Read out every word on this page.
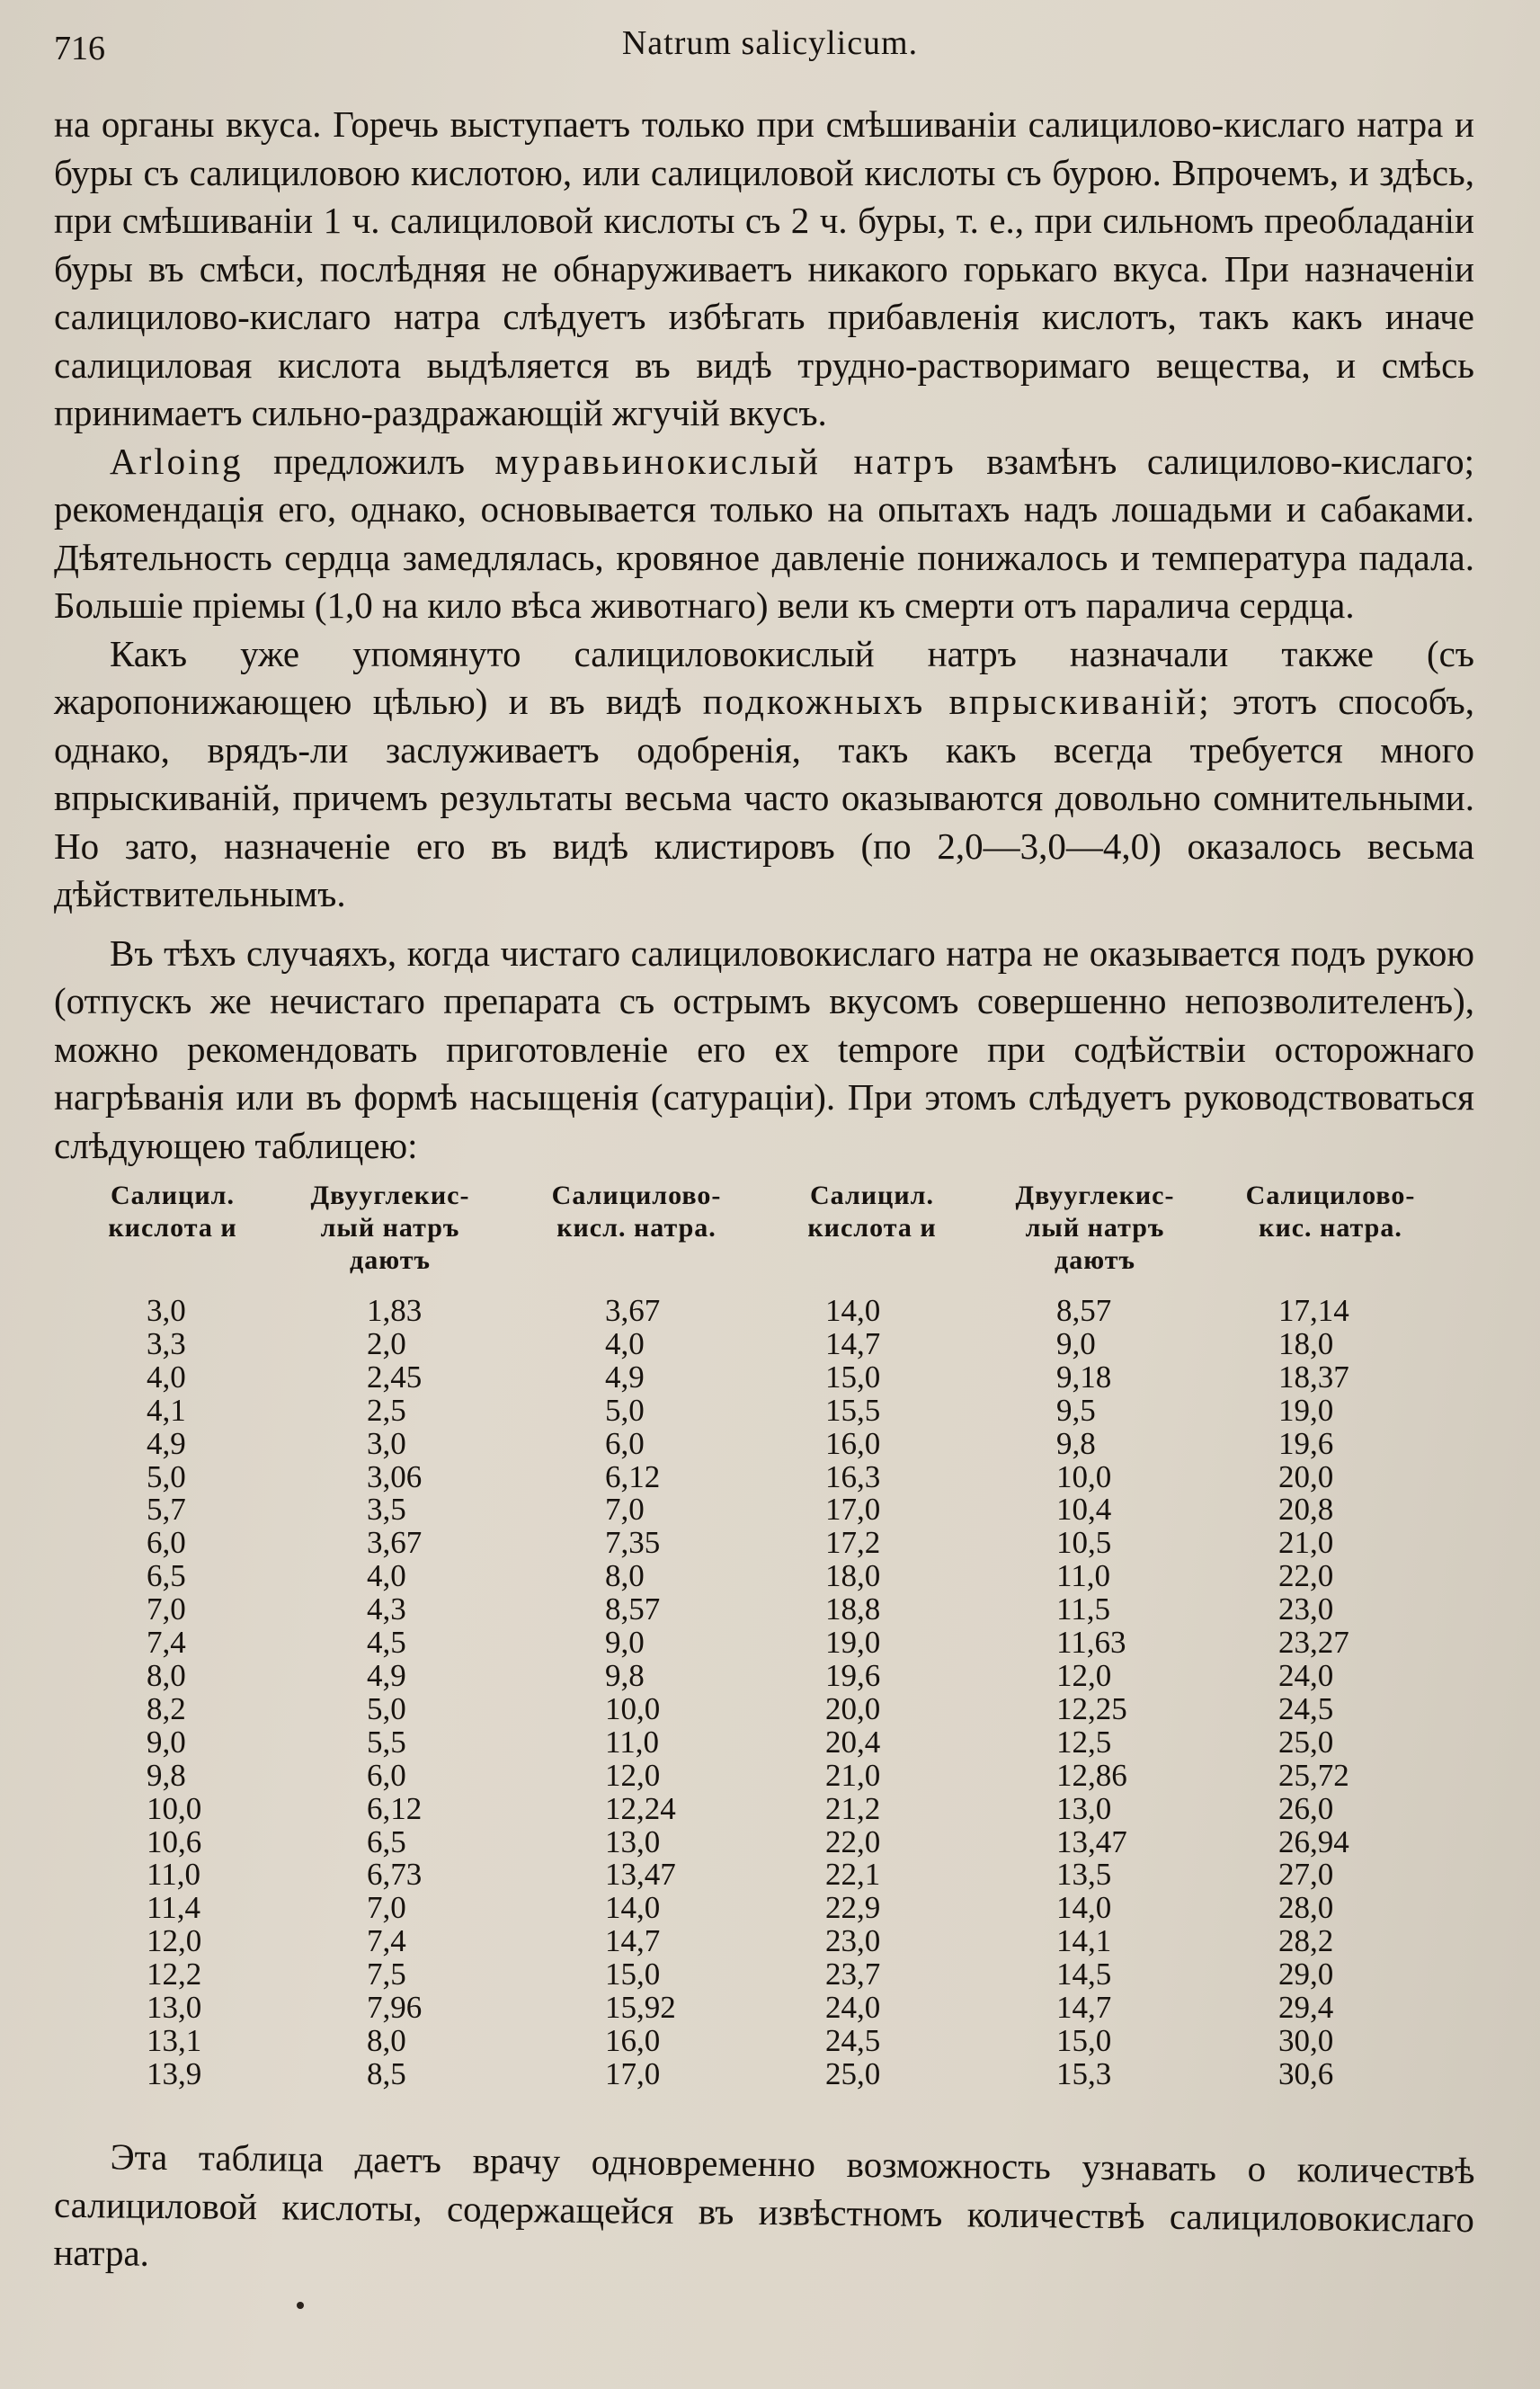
716	Natrum salicylicum.

на органы вкуса. Горечь выступаетъ только при смѣшиванiи салицилово-кислаго натра и буры съ салициловою кислотою, или салициловой кислоты съ бурою. Впрочемъ, и здѣсь, при смѣшиванiи 1 ч. салициловой кислоты съ 2 ч. буры, т. е., при сильномъ преобладанiи буры въ смѣси, послѣдняя не обнаруживаетъ никакого горькаго вкуса. При назначенiи салицилово-кислаго натра слѣдуетъ избѣгать прибавленiя кислотъ, такъ какъ иначе салициловая кислота выдѣляется въ видѣ трудно-растворимаго вещества, и смѣсь принимаетъ сильно-раздражающiй жгучiй вкусъ.

Arloing предложилъ муравьинокислый натръ взамѣнъ салицилово-кислаго; рекомендацiя его, однако, основывается только на опытахъ надъ лошадьми и сабаками. Дѣятельность сердца замедлялась, кровяное давленiе понижалось и температура падала. Большiе прiемы (1,0 на кило вѣса животнаго) вели къ смерти отъ паралича сердца.

Какъ уже упомянуто салициловокислый натръ назначали также (съ жаропонижающею цѣлью) и въ видѣ подкожныхъ впрыскиванiй; этотъ способъ, однако, врядъ-ли заслуживаетъ одобренiя, такъ какъ всегда требуется много впрыскиванiй, причемъ результаты весьма часто оказываются довольно сомнительными. Но зато, назначенiе его въ видѣ клистировъ (по 2,0—3,0—4,0) оказалось весьма дѣйствительнымъ.

Въ тѣхъ случаяхъ, когда чистаго салициловокислаго натра не оказывается подъ рукою (отпускъ же нечистаго препарата съ острымъ вкусомъ совершенно непозволителенъ), можно рекомендовать приготовленiе его ex tempore при содѣйствiи осторожнаго нагрѣванiя или въ формѣ насыщенiя (сатурацiи). При этомъ слѣдуетъ руководствоваться слѣдующею таблицею:

Салицил.
кислота и
Двууглекис-
лый натръ
даютъ
Салицилово-
кисл. натра.
3,0
3,3
4,0
4,1
4,9
5,0
5,7
6,0
6,5
7,0
7,4
8,0
8,2
9,0
9,8
10,0
10,6
11,0
11,4
12,0
12,2
13,0
13,1
13,9
1,83
2,0
2,45
2,5
3,0
3,06
3,5
3,67
4,0
4,3
4,5
4,9
5,0
5,5
6,0
6,12
6,5
6,73
7,0
7,4
7,5
7,96
8,0
8,5
3,67
4,0
4,9
5,0
6,0
6,12
7,0
7,35
8,0
8,57
9,0
9,8
10,0
11,0
12,0
12,24
13,0
13,47
14,0
14,7
15,0
15,92
16,0
17,0
Салицил.
кислота и
Двууглекис-
лый натръ
даютъ
Салицилово-
кис. натра.
14,0
14,7
15,0
15,5
16,0
16,3
17,0
17,2
18,0
18,8
19,0
19,6
20,0
20,4
21,0
21,2
22,0
22,1
22,9
23,0
23,7
24,0
24,5
25,0
8,57
9,0
9,18
9,5
9,8
10,0
10,4
10,5
11,0
11,5
11,63
12,0
12,25
12,5
12,86
13,0
13,47
13,5
14,0
14,1
14,5
14,7
15,0
15,3
17,14
18,0
18,37
19,0
19,6
20,0
20,8
21,0
22,0
23,0
23,27
24,0
24,5
25,0
25,72
26,0
26,94
27,0
28,0
28,2
29,0
29,4
30,0
30,6

Эта таблица даетъ врачу одновременно возможность узнавать о количествѣ салициловой кислоты, содержащейся въ извѣстномъ количествѣ салициловокислаго натра.
